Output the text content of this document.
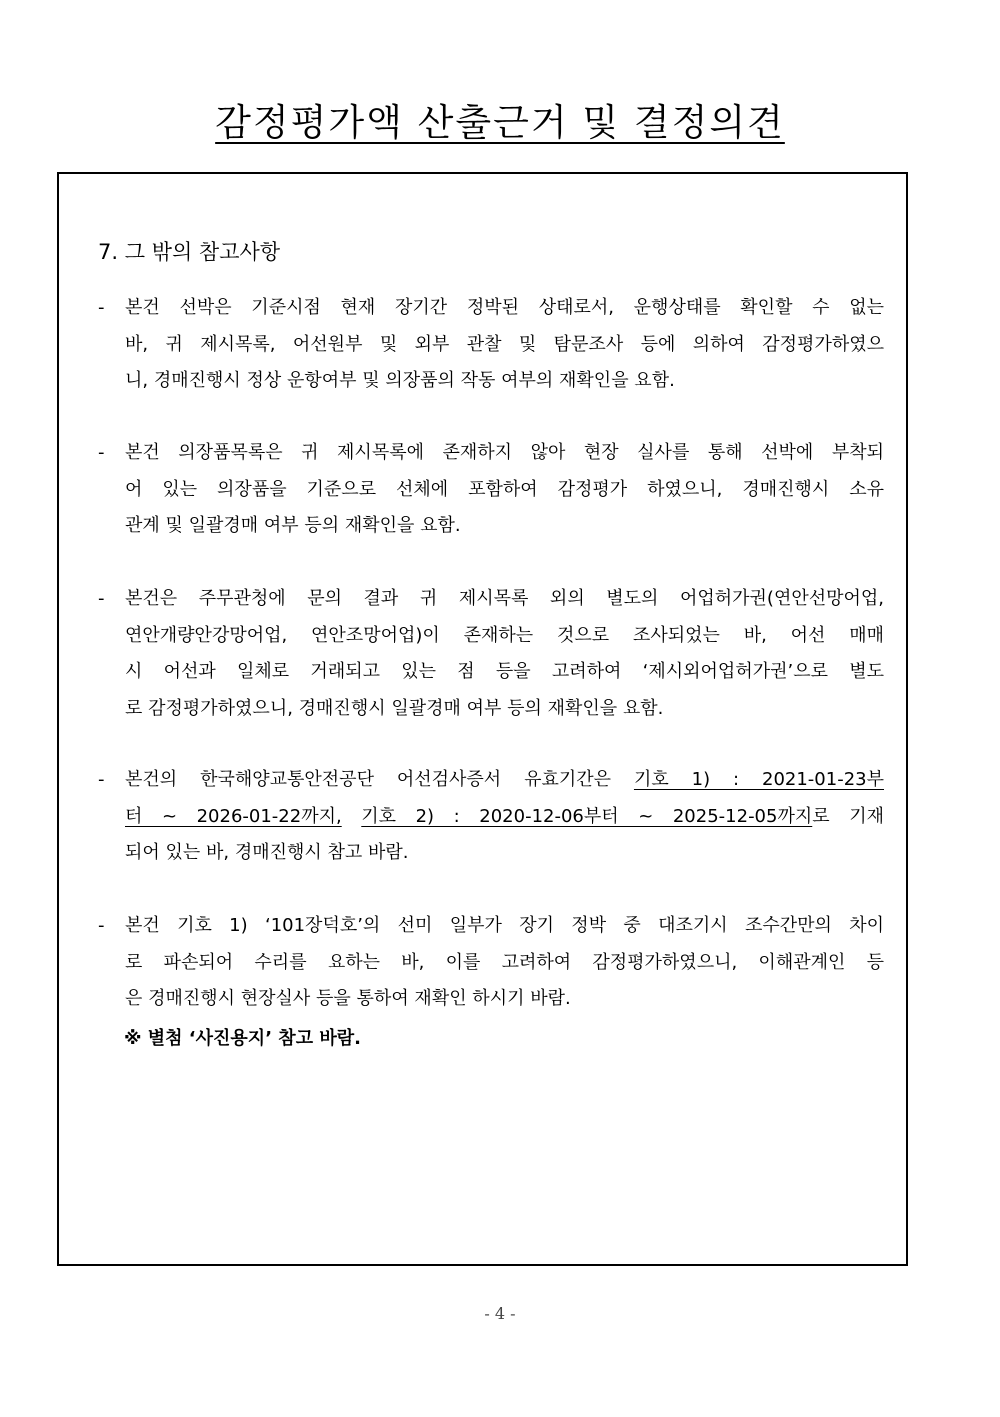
감정평가액 산출근거 및 결정의견
7. 그 밖의 참고사항
-	본건 선박은 기준시점 현재 장기간 정박된 상태로서, 운행상태를 확인할 수 없는
바, 귀 제시목록, 어선원부 및 외부 관찰 및 탐문조사 등에 의하여 감정평가하였으
니, 경매진행시 정상 운항여부 및 의장품의 작동 여부의 재확인을 요함.
-	본건 의장품목록은 귀 제시목록에 존재하지 않아 현장 실사를 통해 선박에 부착되
어 있는 의장품을 기준으로 선체에 포함하여 감정평가 하였으니, 경매진행시 소유
관계 및 일괄경매 여부 등의 재확인을 요함.
-	본건은 주무관청에 문의 결과 귀 제시목록 외의 별도의 어업허가권(연안선망어업,
연안개량안강망어업, 연안조망어업)이 존재하는 것으로 조사되었는 바, 어선 매매
시 어선과 일체로 거래되고 있는 점 등을 고려하여 ‘제시외어업허가권’으로 별도
로 감정평가하였으니, 경매진행시 일괄경매 여부 등의 재확인을 요함.
-	본건의 한국해양교통안전공단 어선검사증서 유효기간은 기호 1) : 2021-01-23부
터 ~ 2026-01-22까지, 기호 2) : 2020-12-06부터 ~ 2025-12-05까지로 기재
되어 있는 바, 경매진행시 참고 바람.
-	본건 기호 1) ‘101장덕호’의 선미 일부가 장기 정박 중 대조기시 조수간만의 차이
로 파손되어 수리를 요하는 바, 이를 고려하여 감정평가하였으니, 이해관계인 등
은 경매진행시 현장실사 등을 통하여 재확인 하시기 바람.
※ 별첨 ‘사진용지’ 참고 바람.
- 4 -
